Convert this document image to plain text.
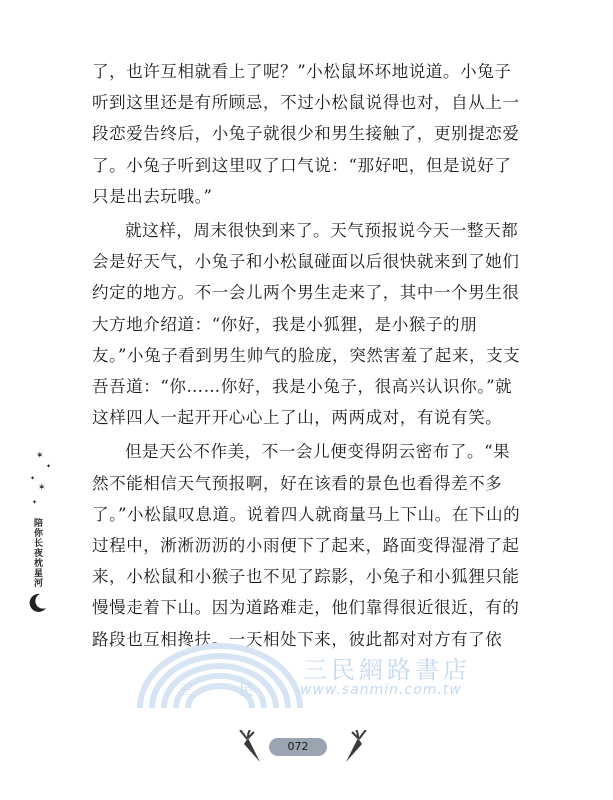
了，也许互相就看上了呢？”小松鼠坏坏地说道。小兔子听到这里还是有所顾忌，不过小松鼠说得也对，自从上一段恋爱告终后，小兔子就很少和男生接触了，更别提恋爱了。小兔子听到这里叹了口气说：“那好吧，但是说好了只是出去玩哦。”

就这样，周末很快到来了。天气预报说今天一整天都会是好天气，小兔子和小松鼠碰面以后很快就来到了她们约定的地方。不一会儿两个男生走来了，其中一个男生很大方地介绍道：“你好，我是小狐狸，是小猴子的朋友。”小兔子看到男生帅气的脸庞，突然害羞了起来，支支吾吾道：“你……你好，我是小兔子，很高兴认识你。”就这样四人一起开开心心上了山，两两成对，有说有笑。

但是天公不作美，不一会儿便变得阴云密布了。“果然不能相信天气预报啊，好在该看的景色也看得差不多了。”小松鼠叹息道。说着四人就商量马上下山。在下山的过程中，淅淅沥沥的小雨便下了起来，路面变得湿滑了起来，小松鼠和小猴子也不见了踪影，小兔子和小狐狸只能慢慢走着下山。因为道路难走，他们靠得很近很近，有的路段也互相搀扶。一天相处下来，彼此都对对方有了依

✶
✦
✦
✶
✦
陪你长夜枕星河
三	民
三民網路書店
www.sanmin.com.tw
072
